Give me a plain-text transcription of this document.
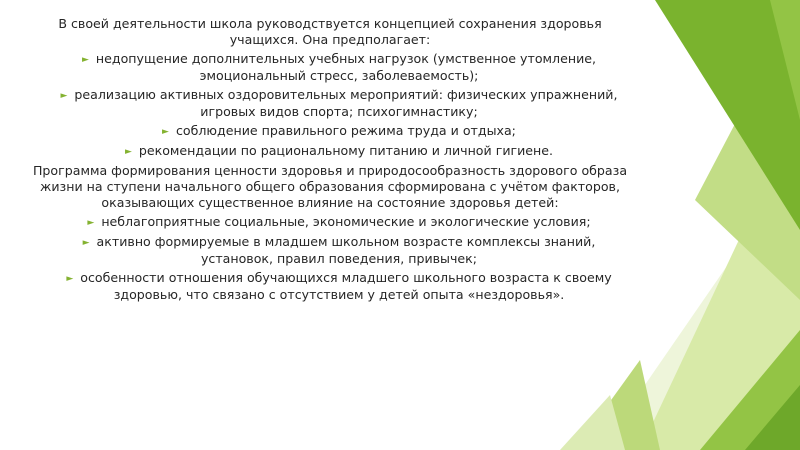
В своей деятельности школа руководствуется концепцией сохранения здоровья учащихся. Она предполагает:

► недопущение дополнительных учебных нагрузок (умственное утомление, эмоциональный стресс, заболеваемость);
► реализацию активных оздоровительных мероприятий: физических упражнений, игровых видов спорта; психогимнастику;
► соблюдение правильного режима труда и отдыха;
► рекомендации по рациональному питанию и личной гигиене.

Программа формирования ценности здоровья и природосообразность здорового образа жизни на ступени начального общего образования сформирована с учётом факторов, оказывающих существенное влияние на состояние здоровья детей:

► неблагоприятные социальные, экономические и экологические условия;
► активно формируемые в младшем школьном возрасте комплексы знаний, установок, правил поведения, привычек;
► особенности отношения обучающихся младшего школьного возраста к своему здоровью, что связано с отсутствием у детей опыта «нездоровья».
